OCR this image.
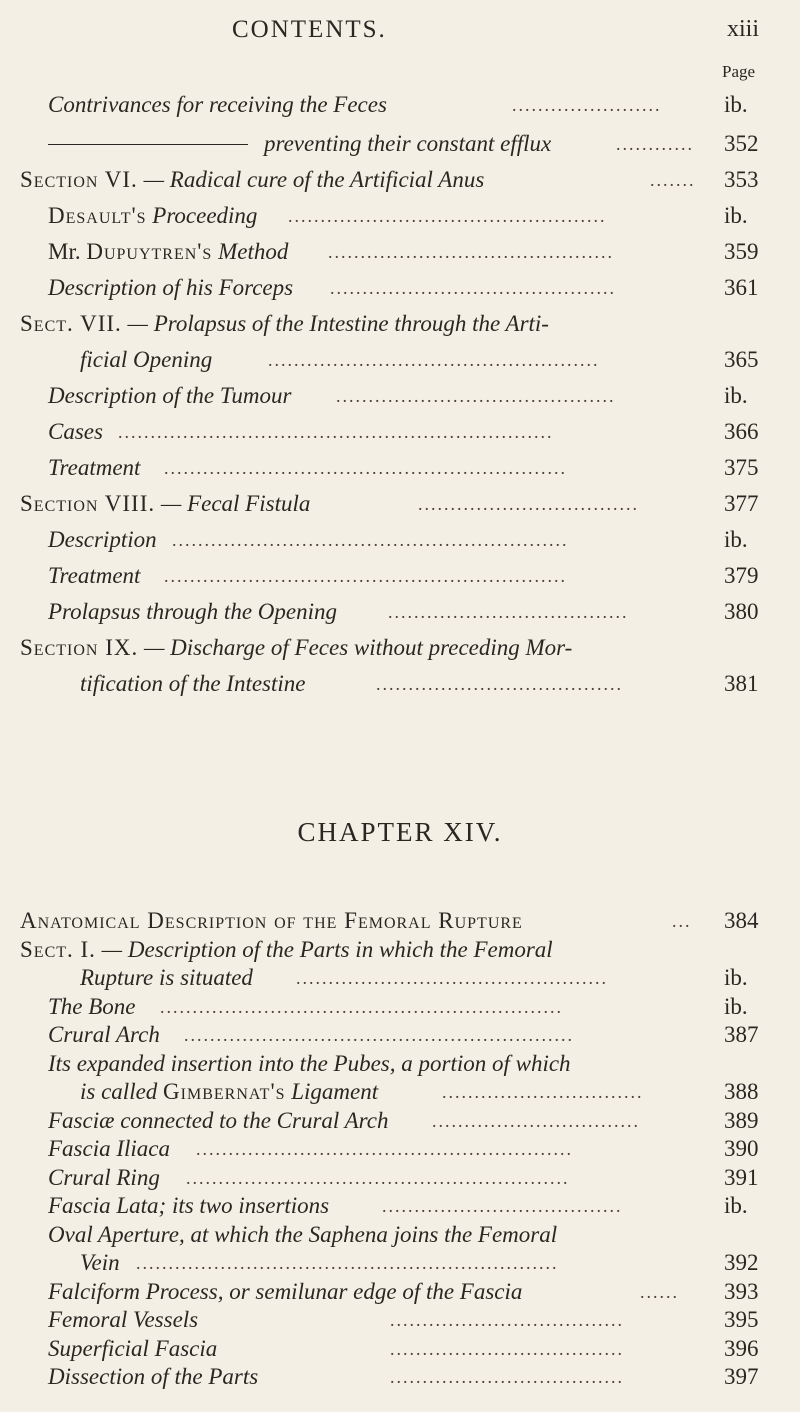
CONTENTS.	xiii
Page
Contrivances for receiving the Feces	.......................	ib.
preventing their constant efflux	............	352
Section VI. — Radical cure of the Artificial Anus	.......	353
Desault's Proceeding .................................................	ib.
Mr. Dupuytren's Method ............................................	359
Description of his Forceps ............................................	361
Sect. VII. — Prolapsus of the Intestine through the Arti-
ficial Opening	...................................................	365
Description of the Tumour ...........................................	ib.
Cases ...................................................................	366
Treatment ..............................................................	375
Section VIII. — Fecal Fistula	..................................	377
Description .............................................................	ib.
Treatment ..............................................................	379
Prolapsus through the Opening	.....................................	380
Section IX. — Discharge of Feces without preceding Mor-
tification of the Intestine	......................................	381
CHAPTER XIV.
Anatomical Description of the Femoral Rupture	...	384
Sect. I. — Description of the Parts in which the Femoral
Rupture is situated ................................................	ib.
The Bone ..............................................................	ib.
Crural Arch ............................................................	387
Its expanded insertion into the Pubes, a portion of which
is called Gimbernat's Ligament	...............................	388
Fasciæ connected to the Crural Arch ................................	389
Fascia Iliaca ..........................................................	390
Crural Ring ...........................................................	391
Fascia Lata; its two insertions	.....................................	ib.
Oval Aperture, at which the Saphena joins the Femoral
Vein .................................................................	392
Falciform Process, or semilunar edge of the Fascia	......	393
Femoral Vessels	....................................	395
Superficial Fascia	....................................	396
Dissection of the Parts	....................................	397
